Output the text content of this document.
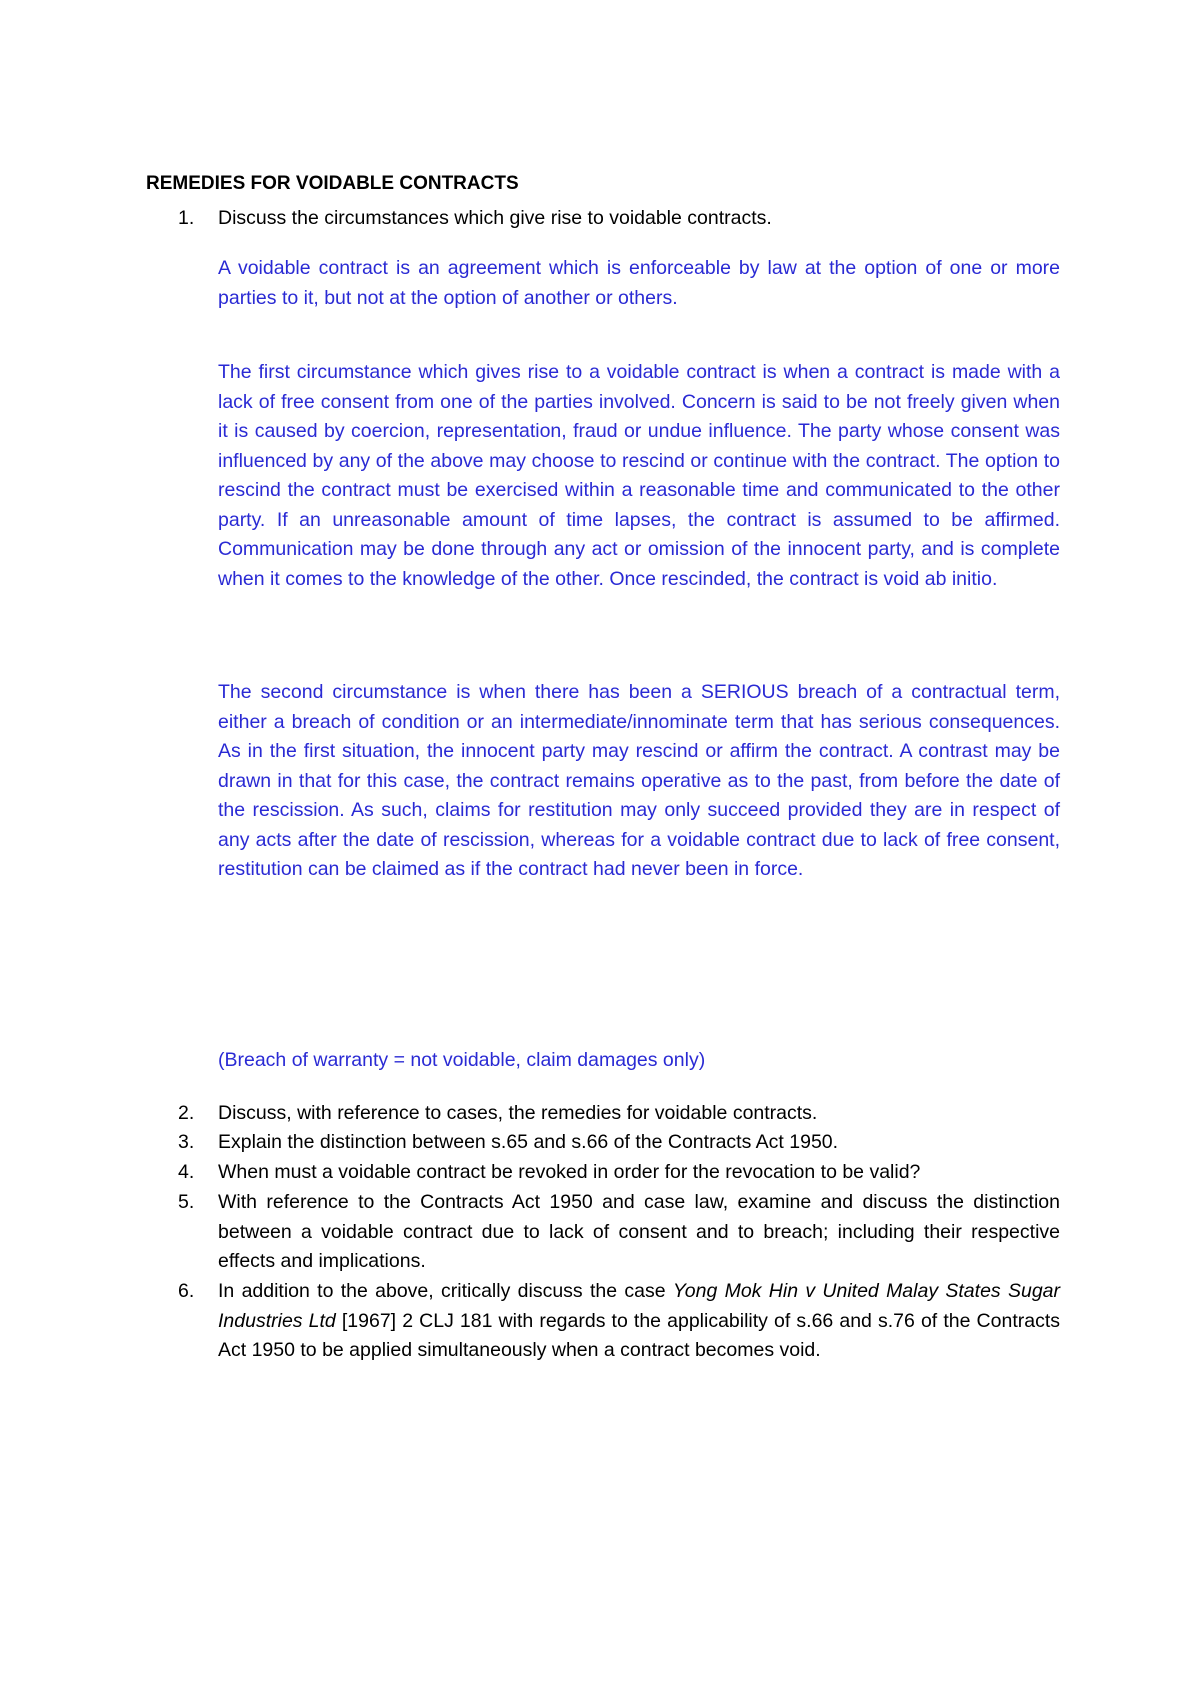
REMEDIES FOR VOIDABLE CONTRACTS
1.	Discuss the circumstances which give rise to voidable contracts.
A voidable contract is an agreement which is enforceable by law at the option of one or more parties to it, but not at the option of another or others.
The first circumstance which gives rise to a voidable contract is when a contract is made with a lack of free consent from one of the parties involved. Concern is said to be not freely given when it is caused by coercion, representation, fraud or undue influence. The party whose consent was influenced by any of the above may choose to rescind or continue with the contract. The option to rescind the contract must be exercised within a reasonable time and communicated to the other party. If an unreasonable amount of time lapses, the contract is assumed to be affirmed. Communication may be done through any act or omission of the innocent party, and is complete when it comes to the knowledge of the other. Once rescinded, the contract is void ab initio.
The second circumstance is when there has been a SERIOUS breach of a contractual term, either a breach of condition or an intermediate/innominate term that has serious consequences. As in the first situation, the innocent party may rescind or affirm the contract. A contrast may be drawn in that for this case, the contract remains operative as to the past, from before the date of the rescission. As such, claims for restitution may only succeed provided they are in respect of any acts after the date of rescission, whereas for a voidable contract due to lack of free consent, restitution can be claimed as if the contract had never been in force.
(Breach of warranty = not voidable, claim damages only)
2.	Discuss, with reference to cases, the remedies for voidable contracts.
3.	Explain the distinction between s.65 and s.66 of the Contracts Act 1950.
4.	When must a voidable contract be revoked in order for the revocation to be valid?
5.	With reference to the Contracts Act 1950 and case law, examine and discuss the distinction between a voidable contract due to lack of consent and to breach; including their respective effects and implications.
6.	In addition to the above, critically discuss the case Yong Mok Hin v United Malay States Sugar Industries Ltd [1967] 2 CLJ 181 with regards to the applicability of s.66 and s.76 of the Contracts Act 1950 to be applied simultaneously when a contract becomes void.
